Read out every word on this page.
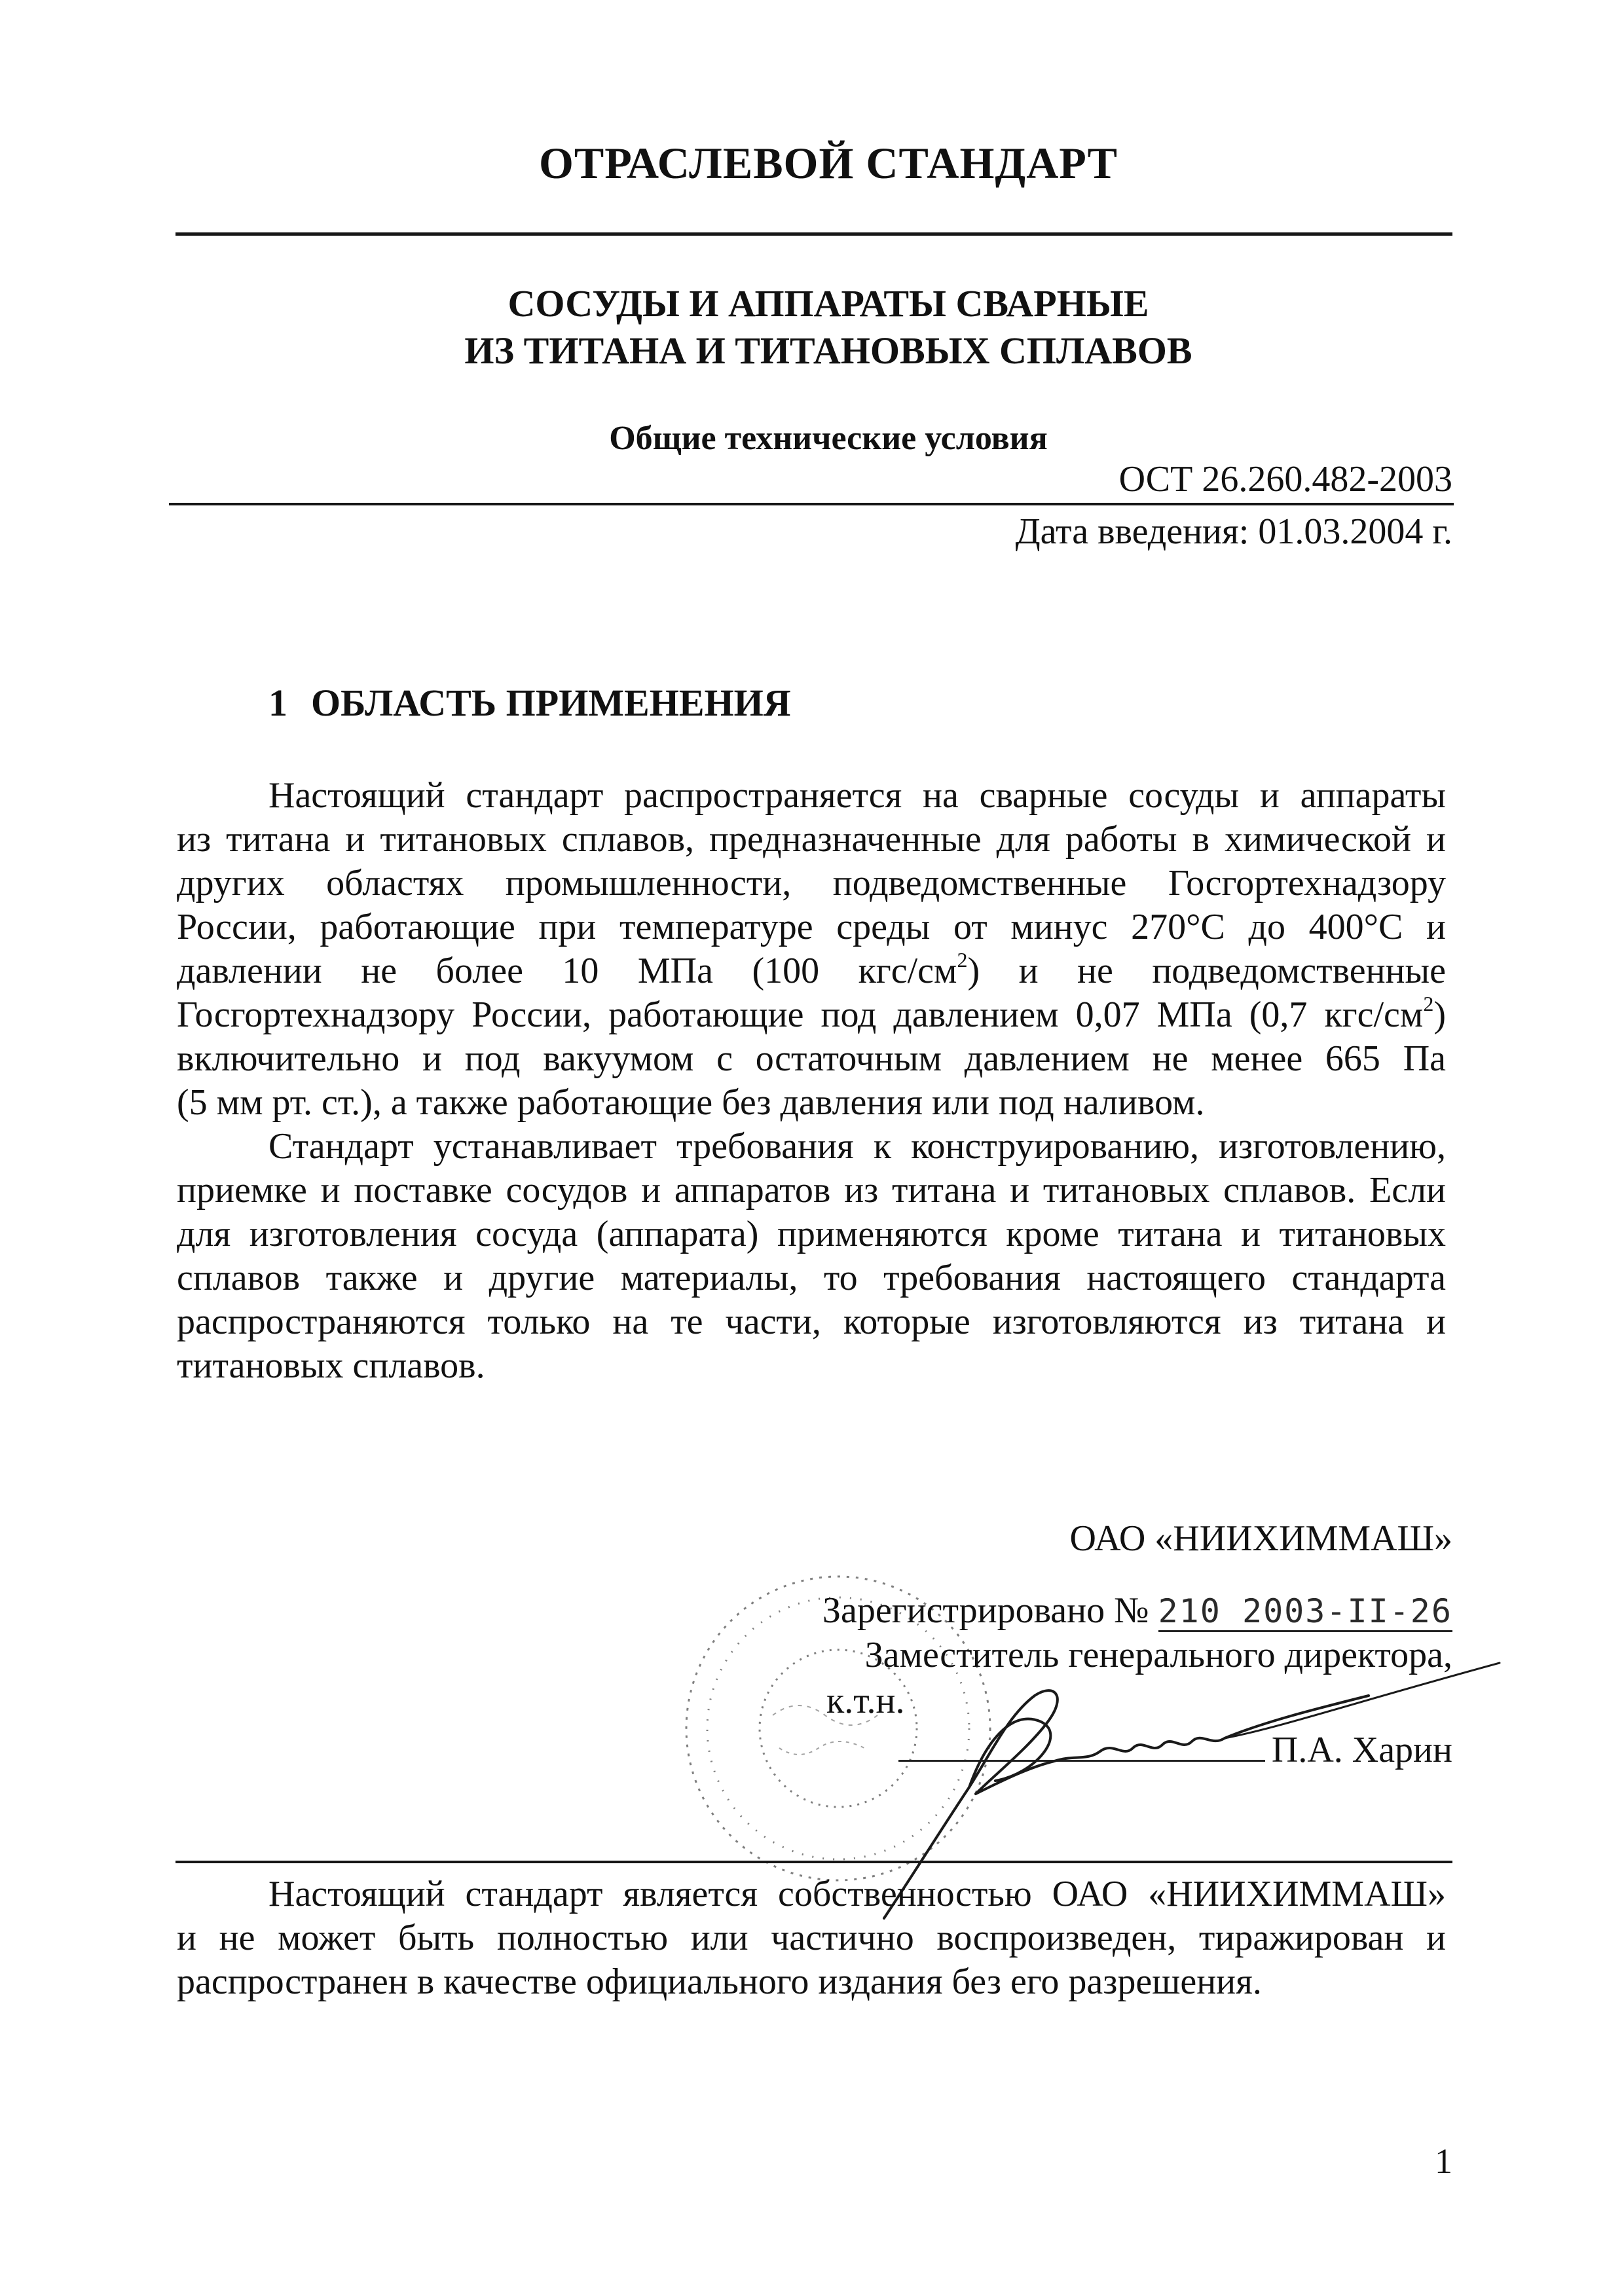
ОТРАСЛЕВОЙ СТАНДАРТ
СОСУДЫ И АППАРАТЫ СВАРНЫЕ
ИЗ ТИТАНА И ТИТАНОВЫХ СПЛАВОВ
Общие технические условия
ОСТ 26.260.482-2003
Дата введения: 01.03.2004 г.
1 ОБЛАСТЬ ПРИМЕНЕНИЯ
Настоящий стандарт распространяется на сварные сосуды и аппараты
из титана и титановых сплавов, предназначенные для работы в химической и
других областях промышленности, подведомственные Госгортехнадзору
России, работающие при температуре среды от минус 270°С до 400°С и
давлении не более 10 МПа (100 кгс/$см^2$) и не подведомственные
Госгортехнадзору России, работающие под давлением 0,07 МПа (0,7 кгс/$см^2$)
включительно и под вакуумом с остаточным давлением не менее 665 Па
(5 мм рт. ст.), а также работающие без давления или под наливом.
Стандарт устанавливает требования к конструированию, изготовлению,
приемке и поставке сосудов и аппаратов из титана и титановых сплавов. Если
для изготовления сосуда (аппарата) применяются кроме титана и титановых
сплавов также и другие материалы, то требования настоящего стандарта
распространяются только на те части, которые изготовляются из титана и
титановых сплавов.
ОАО «НИИХИММАШ»
Зарегистрировано № 210 2003-II-26
Заместитель генерального директора,
к.т.н.
П.А. Харин
Настоящий стандарт является собственностью ОАО «НИИХИММАШ»
и не может быть полностью или частично воспроизведен, тиражирован и
распространен в качестве официального издания без его разрешения.
1
